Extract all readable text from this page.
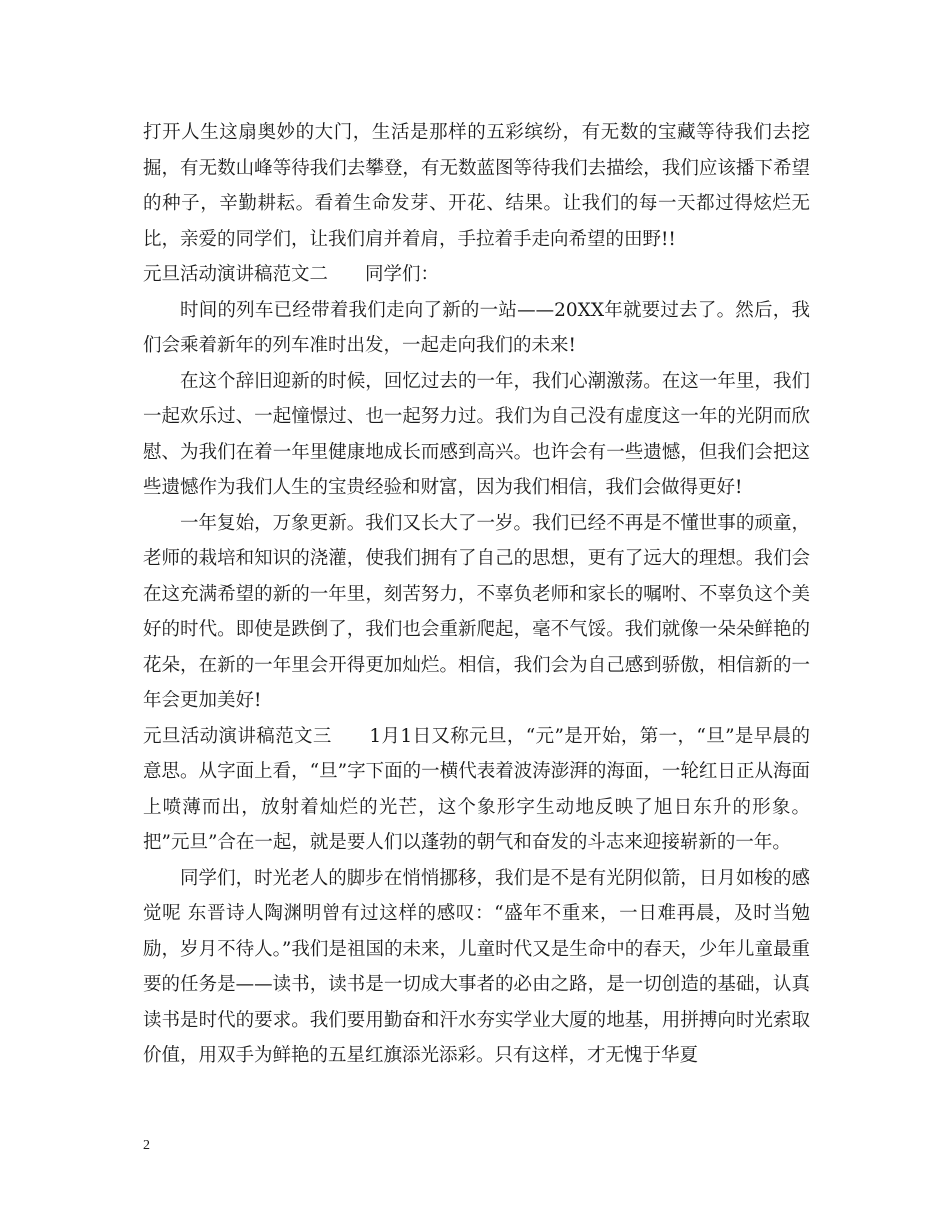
打开人生这扇奥妙的大门，生活是那样的五彩缤纷，有无数的宝藏等待我们去挖掘，有无数山峰等待我们去攀登，有无数蓝图等待我们去描绘，我们应该播下希望的种子，辛勤耕耘。看着生命发芽、开花、结果。让我们的每一天都过得炫烂无比，亲爱的同学们，让我们肩并着肩，手拉着手走向希望的田野!!

元旦活动演讲稿范文二　　同学们：

时间的列车已经带着我们走向了新的一站——20XX年就要过去了。然后，我们会乘着新年的列车准时出发，一起走向我们的未来!

在这个辞旧迎新的时候，回忆过去的一年，我们心潮激荡。在这一年里，我们一起欢乐过、一起憧憬过、也一起努力过。我们为自己没有虚度这一年的光阴而欣慰、为我们在着一年里健康地成长而感到高兴。也许会有一些遗憾，但我们会把这些遗憾作为我们人生的宝贵经验和财富，因为我们相信，我们会做得更好!

一年复始，万象更新。我们又长大了一岁。我们已经不再是不懂世事的顽童，老师的栽培和知识的浇灌，使我们拥有了自己的思想，更有了远大的理想。我们会在这充满希望的新的一年里，刻苦努力，不辜负老师和家长的嘱咐、不辜负这个美好的时代。即使是跌倒了，我们也会重新爬起，毫不气馁。我们就像一朵朵鲜艳的花朵，在新的一年里会开得更加灿烂。相信，我们会为自己感到骄傲，相信新的一年会更加美好!

元旦活动演讲稿范文三　　1月1日又称元旦，“元”是开始，第一，“旦”是早晨的意思。从字面上看，“旦”字下面的一横代表着波涛澎湃的海面，一轮红日正从海面上喷薄而出，放射着灿烂的光芒，这个象形字生动地反映了旭日东升的形象。把”元旦”合在一起，就是要人们以蓬勃的朝气和奋发的斗志来迎接崭新的一年。

同学们，时光老人的脚步在悄悄挪移，我们是不是有光阴似箭，日月如梭的感觉呢 东晋诗人陶渊明曾有过这样的感叹：“盛年不重来，一日难再晨，及时当勉励，岁月不待人。”我们是祖国的未来，儿童时代又是生命中的春天，少年儿童最重要的任务是——读书，读书是一切成大事者的必由之路，是一切创造的基础，认真读书是时代的要求。我们要用勤奋和汗水夯实学业大厦的地基，用拼搏向时光索取价值，用双手为鲜艳的五星红旗添光添彩。只有这样，才无愧于华夏

2
